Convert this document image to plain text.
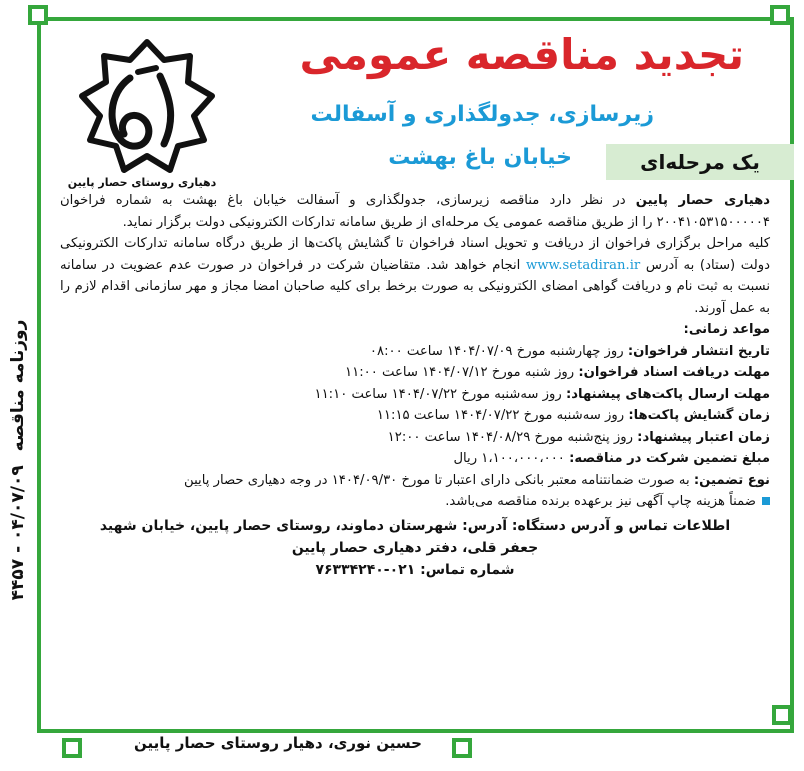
روزنامه مناقصه ۰۴/۰۷/۰۹ - ۴۴۵۷
دهیاری روستای حصار پایین
تجدید مناقصه عمومی
زیرسازی، جدولگذاری و آسفالت
خیابان باغ بهشت	یک مرحله‌ای

دهیاری حصار پایین در نظر دارد مناقصه زیرسازی، جدولگذاری و آسفالت خیابان باغ بهشت به شماره فراخوان ۲۰۰۴۱۰۵۳۱۵۰۰۰۰۰۴ را از طریق مناقصه عمومی یک مرحله‌ای از طریق سامانه تدارکات الکترونیکی دولت برگزار نماید.

کلیه مراحل برگزاری فراخوان از دریافت و تحویل اسناد فراخوان تا گشایش پاکت‌ها از طریق درگاه سامانه تدارکات الکترونیکی دولت (ستاد) به آدرس www.setadiran.ir انجام خواهد شد. متقاضیان شرکت در فراخوان در صورت عدم عضویت در سامانه نسبت به ثبت نام و دریافت گواهی امضای الکترونیکی به صورت برخط برای کلیه صاحبان امضا مجاز و مهر سازمانی اقدام لازم را به عمل آورند.

مواعد زمانی:

تاریخ انتشار فراخوان: روز چهارشنبه مورخ ۱۴۰۴/۰۷/۰۹ ساعت ۰۸:۰۰

مهلت دریافت اسناد فراخوان: روز شنبه مورخ ۱۴۰۴/۰۷/۱۲ ساعت ۱۱:۰۰

مهلت ارسال پاکت‌های پیشنهاد: روز سه‌شنبه مورخ ۱۴۰۴/۰۷/۲۲ ساعت ۱۱:۱۰

زمان گشایش پاکت‌ها: روز سه‌شنبه مورخ ۱۴۰۴/۰۷/۲۲ ساعت ۱۱:۱۵

زمان اعتبار پیشنهاد: روز پنج‌شنبه مورخ ۱۴۰۴/۰۸/۲۹ ساعت ۱۲:۰۰

مبلغ تضمین شرکت در مناقصه: ۱،۱۰۰،۰۰۰،۰۰۰ ریال

نوع تضمین: به صورت ضمانتنامه معتبر بانکی دارای اعتبار تا مورخ ۱۴۰۴/۰۹/۳۰ در وجه دهیاری حصار پایین

ضمناً هزینه چاپ آگهی نیز برعهده برنده مناقصه می‌باشد.

اطلاعات تماس و آدرس دستگاه: آدرس: شهرستان دماوند، روستای حصار پایین، خیابان شهید
جعفر قلی، دفتر دهیاری حصار پایین
شماره تماس: ۰۲۱-۷۶۳۳۴۲۴۰
حسین نوری، دهیار روستای حصار پایین
